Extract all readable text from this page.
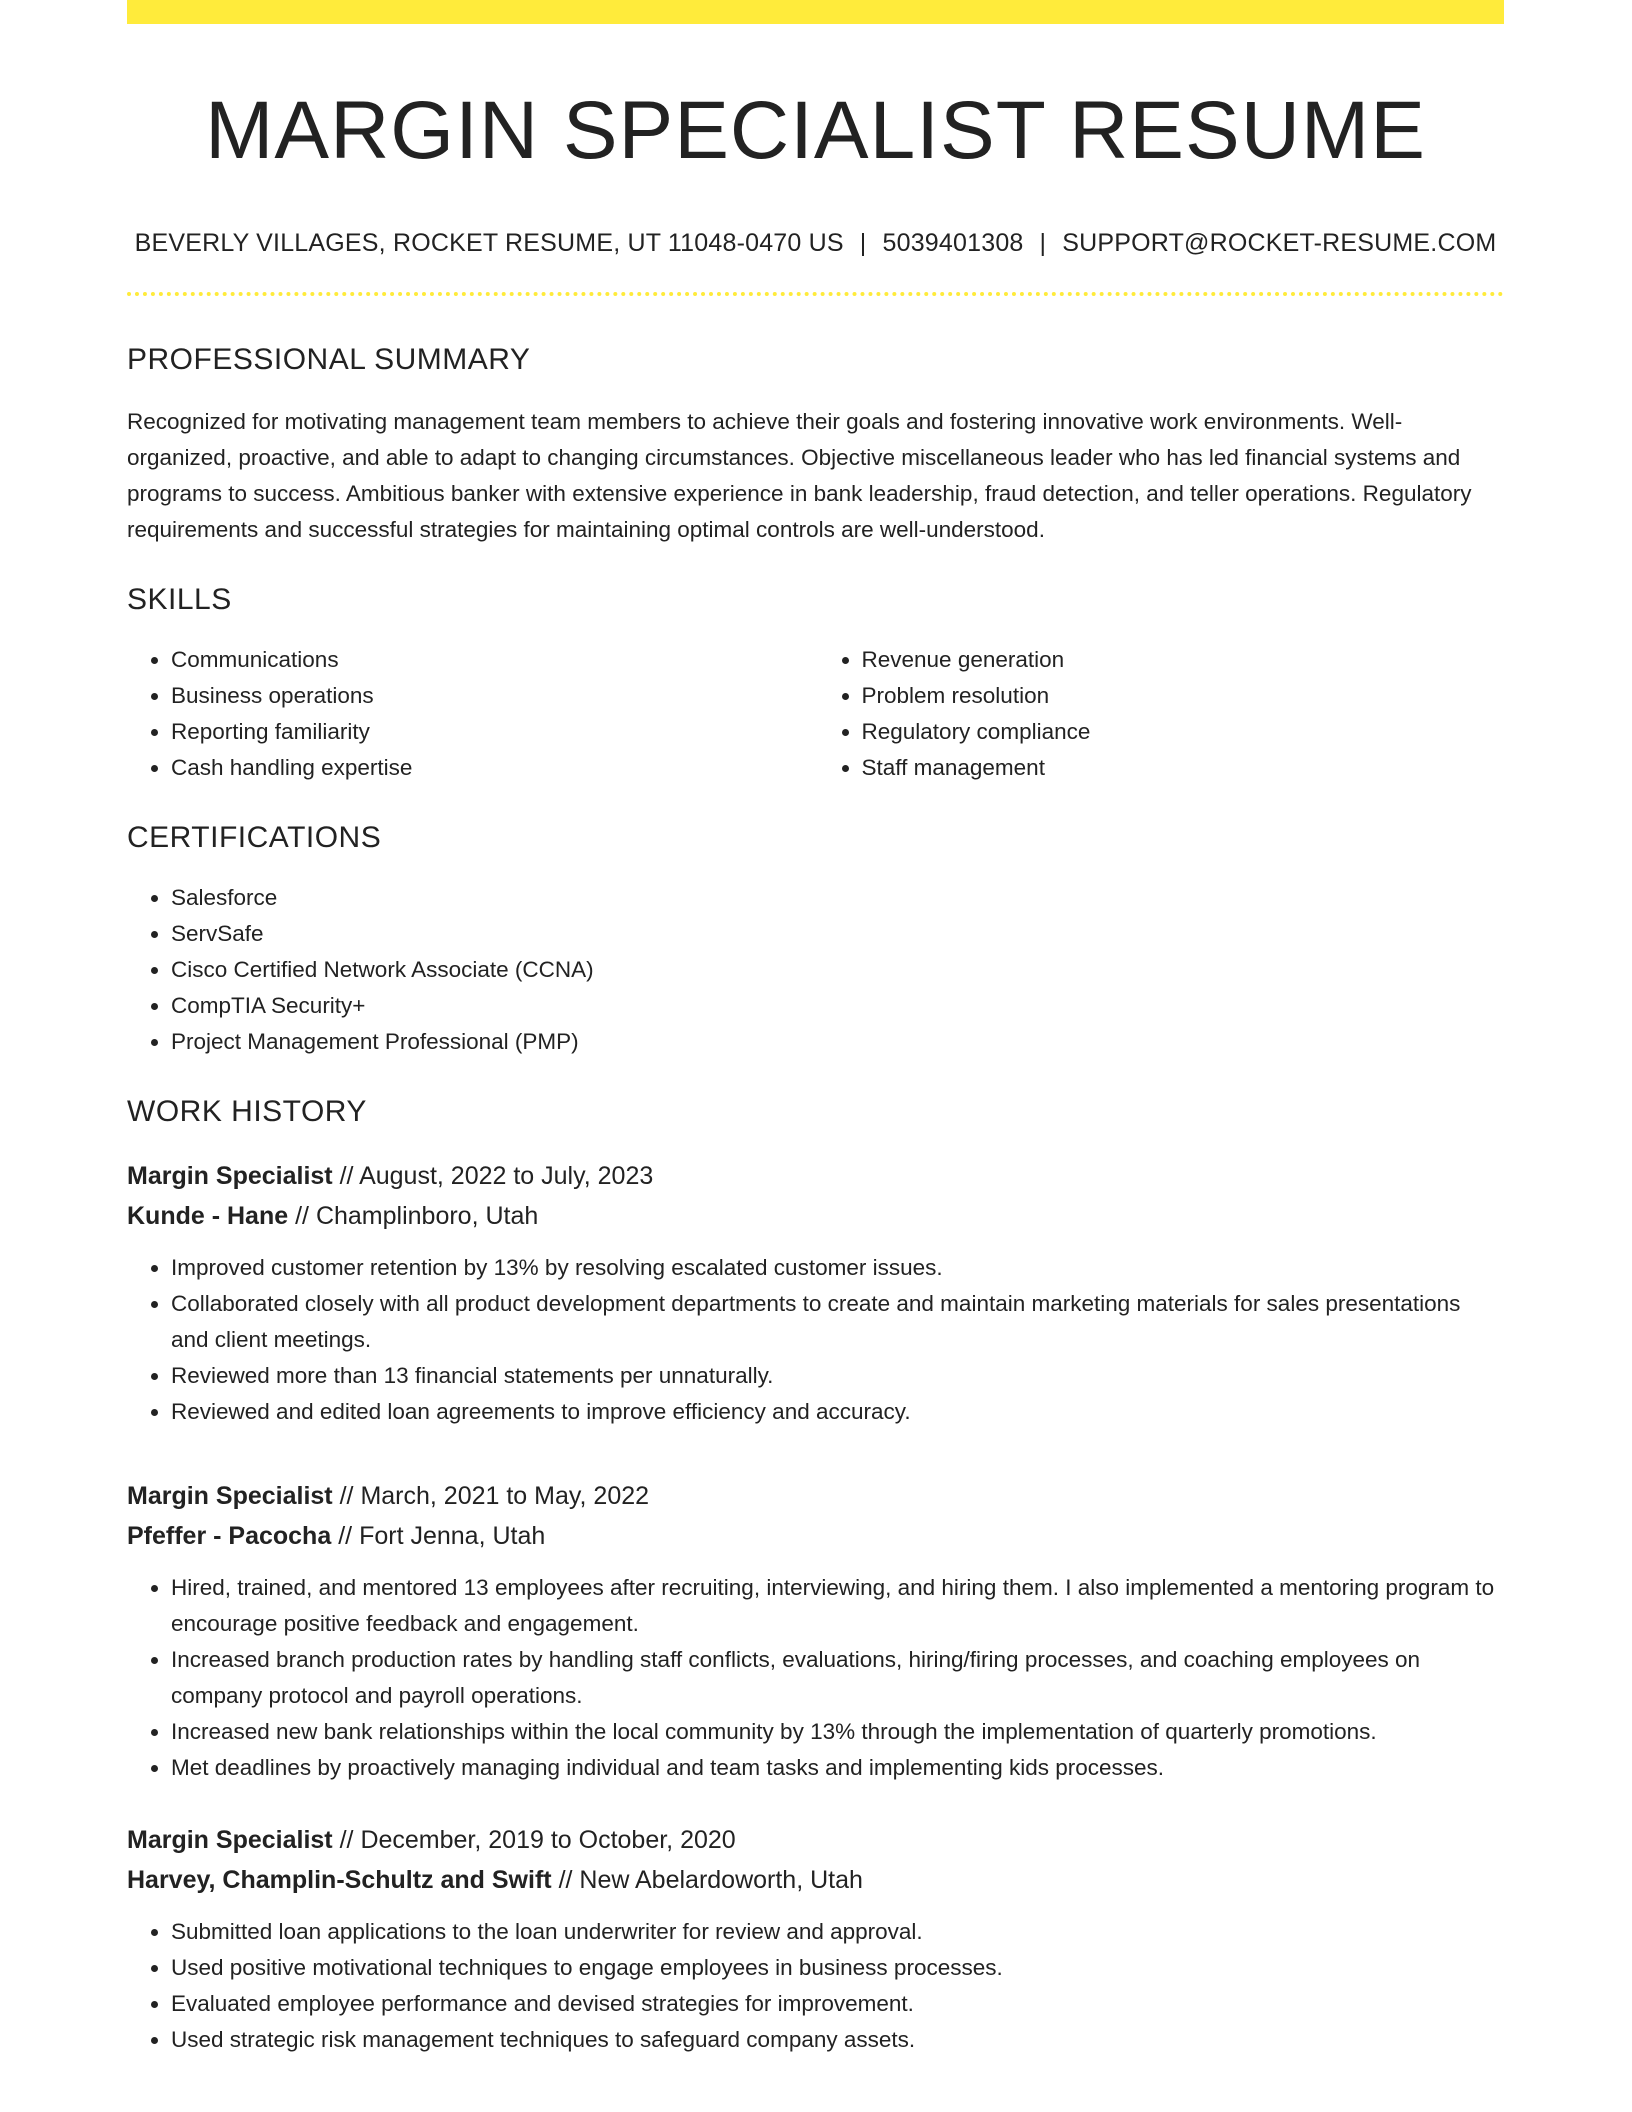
MARGIN SPECIALIST RESUME
BEVERLY VILLAGES, ROCKET RESUME, UT 11048-0470 US | 5039401308 | SUPPORT@ROCKET-RESUME.COM
PROFESSIONAL SUMMARY

Recognized for motivating management team members to achieve their goals and fostering innovative work environments. Well-organized, proactive, and able to adapt to changing circumstances. Objective miscellaneous leader who has led financial systems and programs to success. Ambitious banker with extensive experience in bank leadership, fraud detection, and teller operations. Regulatory requirements and successful strategies for maintaining optimal controls are well-understood.

SKILLS
• Communications
• Business operations
• Reporting familiarity
• Cash handling expertise
• Revenue generation
• Problem resolution
• Regulatory compliance
• Staff management
CERTIFICATIONS
• Salesforce
• ServSafe
• Cisco Certified Network Associate (CCNA)
• CompTIA Security+
• Project Management Professional (PMP)
WORK HISTORY
Margin Specialist // August, 2022 to July, 2023
Kunde - Hane // Champlinboro, Utah
• Improved customer retention by 13% by resolving escalated customer issues.
• Collaborated closely with all product development departments to create and maintain marketing materials for sales presentations and client meetings.
• Reviewed more than 13 financial statements per unnaturally.
• Reviewed and edited loan agreements to improve efficiency and accuracy.
Margin Specialist // March, 2021 to May, 2022
Pfeffer - Pacocha // Fort Jenna, Utah
• Hired, trained, and mentored 13 employees after recruiting, interviewing, and hiring them. I also implemented a mentoring program to encourage positive feedback and engagement.
• Increased branch production rates by handling staff conflicts, evaluations, hiring/firing processes, and coaching employees on company protocol and payroll operations.
• Increased new bank relationships within the local community by 13% through the implementation of quarterly promotions.
• Met deadlines by proactively managing individual and team tasks and implementing kids processes.
Margin Specialist // December, 2019 to October, 2020
Harvey, Champlin-Schultz and Swift // New Abelardoworth, Utah
• Submitted loan applications to the loan underwriter for review and approval.
• Used positive motivational techniques to engage employees in business processes.
• Evaluated employee performance and devised strategies for improvement.
• Used strategic risk management techniques to safeguard company assets.
